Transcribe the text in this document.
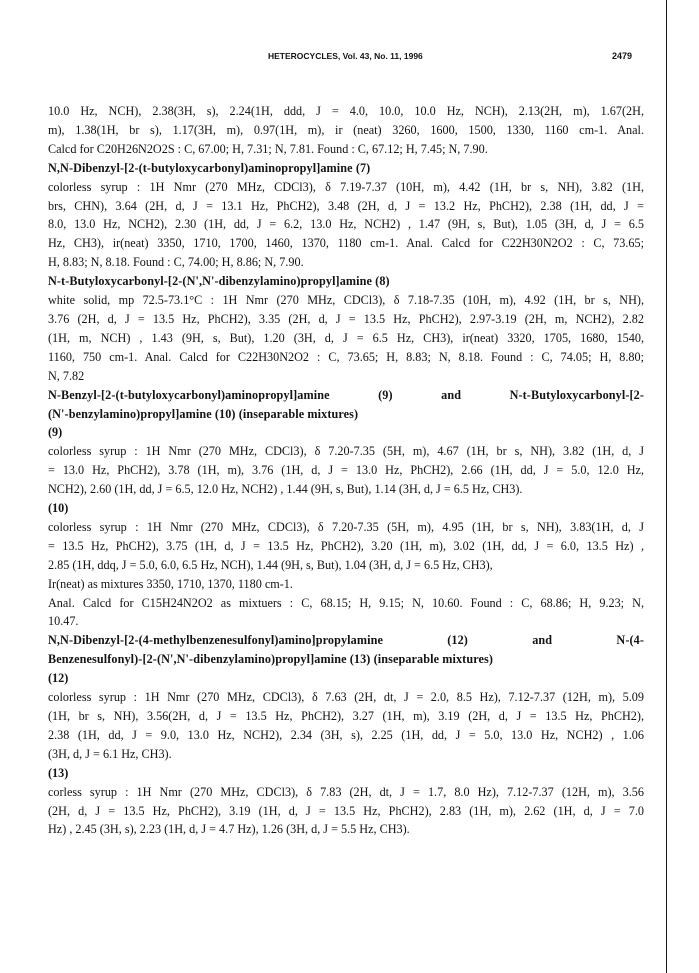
HETEROCYCLES, Vol. 43, No. 11, 1996	2479
10.0 Hz, NCH), 2.38(3H, s), 2.24(1H, ddd, J = 4.0, 10.0, 10.0 Hz, NCH), 2.13(2H, m), 1.67(2H,
m), 1.38(1H, br s), 1.17(3H, m), 0.97(1H, m), ir (neat) 3260, 1600, 1500, 1330, 1160 cm-1. Anal.
Calcd for C20H26N2O2S : C, 67.00; H, 7.31; N, 7.81. Found : C, 67.12; H, 7.45; N, 7.90.
N,N-Dibenzyl-[2-(t-butyloxycarbonyl)aminopropyl]amine (7)
colorless syrup : 1H Nmr (270 MHz, CDCl3), δ 7.19-7.37 (10H, m), 4.42 (1H, br s, NH), 3.82 (1H,
brs, CHN), 3.64 (2H, d, J = 13.1 Hz, PhCH2), 3.48 (2H, d, J = 13.2 Hz, PhCH2), 2.38 (1H, dd, J =
8.0, 13.0 Hz, NCH2), 2.30 (1H, dd, J = 6.2, 13.0 Hz, NCH2) , 1.47 (9H, s, But), 1.05 (3H, d, J = 6.5
Hz, CH3), ir(neat) 3350, 1710, 1700, 1460, 1370, 1180 cm-1. Anal. Calcd for C22H30N2O2 : C, 73.65;
H, 8.83; N, 8.18. Found : C, 74.00; H, 8.86; N, 7.90.
N-t-Butyloxycarbonyl-[2-(N',N'-dibenzylamino)propyl]amine (8)
white solid, mp 72.5-73.1°C : 1H Nmr (270 MHz, CDCl3), δ 7.18-7.35 (10H, m), 4.92 (1H, br s, NH),
3.76 (2H, d, J = 13.5 Hz, PhCH2), 3.35 (2H, d, J = 13.5 Hz, PhCH2), 2.97-3.19 (2H, m, NCH2), 2.82
(1H, m, NCH) , 1.43 (9H, s, But), 1.20 (3H, d, J = 6.5 Hz, CH3), ir(neat) 3320, 1705, 1680, 1540,
1160, 750 cm-1. Anal. Calcd for C22H30N2O2 : C, 73.65; H, 8.83; N, 8.18. Found : C, 74.05; H, 8.80;
N, 7.82
N-Benzyl-[2-(t-butyloxycarbonyl)aminopropyl]amine (9) and N-t-Butyloxycarbonyl-[2-
(N'-benzylamino)propyl]amine (10) (inseparable mixtures)
(9)
colorless syrup : 1H Nmr (270 MHz, CDCl3), δ 7.20-7.35 (5H, m), 4.67 (1H, br s, NH), 3.82 (1H, d, J
= 13.0 Hz, PhCH2), 3.78 (1H, m), 3.76 (1H, d, J = 13.0 Hz, PhCH2), 2.66 (1H, dd, J = 5.0, 12.0 Hz,
NCH2), 2.60 (1H, dd, J = 6.5, 12.0 Hz, NCH2) , 1.44 (9H, s, But), 1.14 (3H, d, J = 6.5 Hz, CH3).
(10)
colorless syrup : 1H Nmr (270 MHz, CDCl3), δ 7.20-7.35 (5H, m), 4.95 (1H, br s, NH), 3.83(1H, d, J
= 13.5 Hz, PhCH2), 3.75 (1H, d, J = 13.5 Hz, PhCH2), 3.20 (1H, m), 3.02 (1H, dd, J = 6.0, 13.5 Hz) ,
2.85 (1H, ddq, J = 5.0, 6.0, 6.5 Hz, NCH), 1.44 (9H, s, But), 1.04 (3H, d, J = 6.5 Hz, CH3),
Ir(neat) as mixtures 3350, 1710, 1370, 1180 cm-1.
Anal. Calcd for C15H24N2O2 as mixtuers : C, 68.15; H, 9.15; N, 10.60. Found : C, 68.86; H, 9.23; N,
10.47.
N,N-Dibenzyl-[2-(4-methylbenzenesulfonyl)amino]propylamine (12) and N-(4-
Benzenesulfonyl)-[2-(N',N'-dibenzylamino)propyl]amine (13) (inseparable mixtures)
(12)
colorless syrup : 1H Nmr (270 MHz, CDCl3), δ 7.63 (2H, dt, J = 2.0, 8.5 Hz), 7.12-7.37 (12H, m), 5.09
(1H, br s, NH), 3.56(2H, d, J = 13.5 Hz, PhCH2), 3.27 (1H, m), 3.19 (2H, d, J = 13.5 Hz, PhCH2),
2.38 (1H, dd, J = 9.0, 13.0 Hz, NCH2), 2.34 (3H, s), 2.25 (1H, dd, J = 5.0, 13.0 Hz, NCH2) , 1.06
(3H, d, J = 6.1 Hz, CH3).
(13)
corless syrup : 1H Nmr (270 MHz, CDCl3), δ 7.83 (2H, dt, J = 1.7, 8.0 Hz), 7.12-7.37 (12H, m), 3.56
(2H, d, J = 13.5 Hz, PhCH2), 3.19 (1H, d, J = 13.5 Hz, PhCH2), 2.83 (1H, m), 2.62 (1H, d, J = 7.0
Hz) , 2.45 (3H, s), 2.23 (1H, d, J = 4.7 Hz), 1.26 (3H, d, J = 5.5 Hz, CH3).
